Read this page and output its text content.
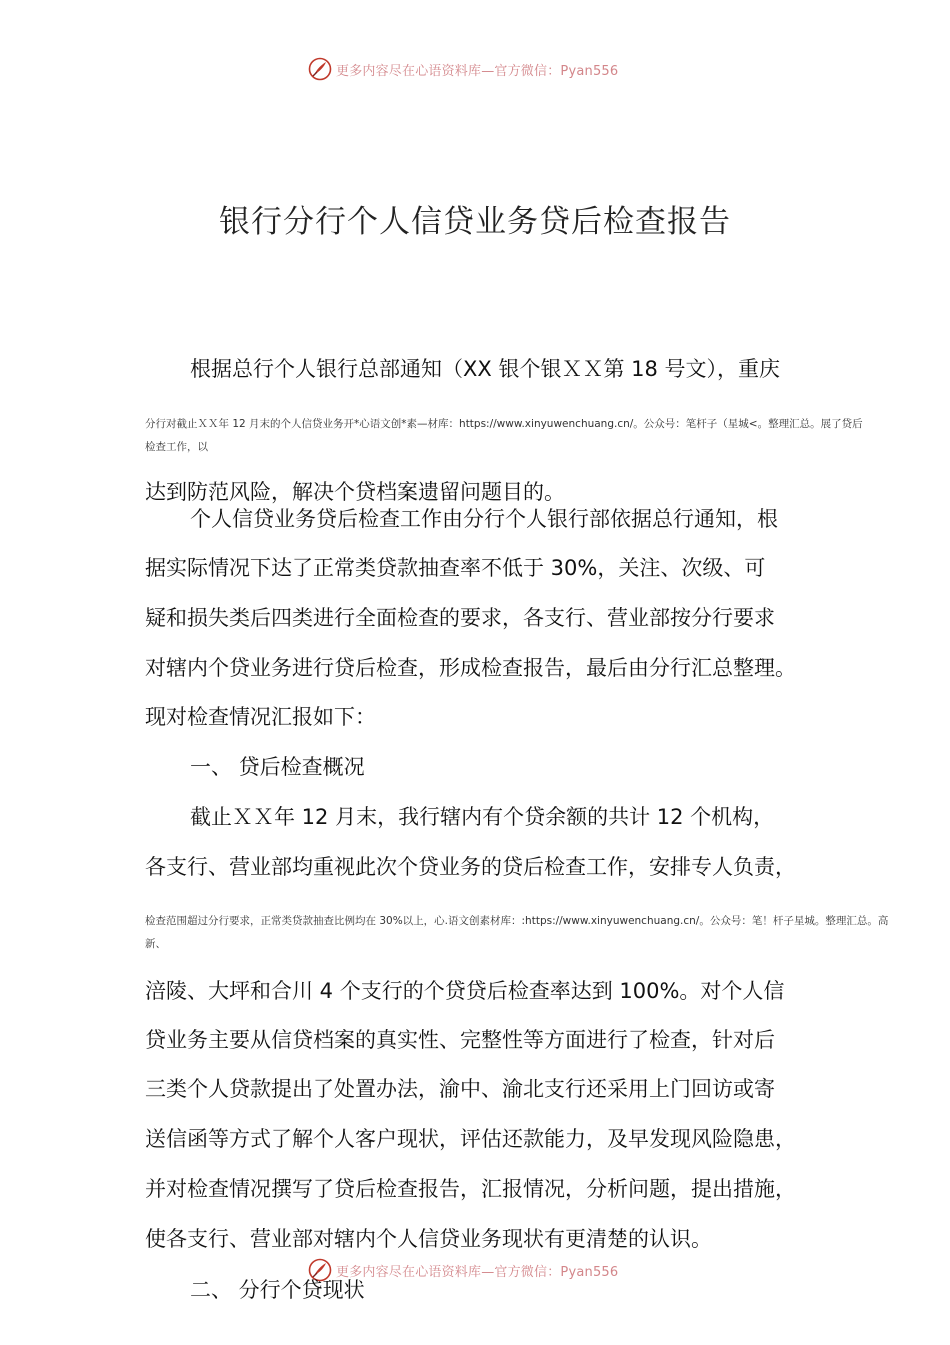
更多内容尽在心语资料库—官方微信：Pyan556
银行分行个人信贷业务贷后检查报告
根据总行个人银行总部通知（XX 银个银ＸＸ第 18 号文），重庆
分行对截止ＸＸ年 12 月末的个人信贷业务开*心语文创*素—材库：https://www.xinyuwenchuang.cn/。公众号：笔杆子（星城<。整理汇总。展了贷后
检查工作，以
达到防范风险，解决个贷档案遗留问题目的。
个人信贷业务贷后检查工作由分行个人银行部依据总行通知，根
据实际情况下达了正常类贷款抽查率不低于 30%，关注、次级、可
疑和损失类后四类进行全面检查的要求，各支行、营业部按分行要求
对辖内个贷业务进行贷后检查，形成检查报告，最后由分行汇总整理。
现对检查情况汇报如下：
一、 贷后检查概况
截止ＸＸ年 12 月末，我行辖内有个贷余额的共计 12 个机构，
各支行、营业部均重视此次个贷业务的贷后检查工作，安排专人负责，
检查范围超过分行要求，正常类贷款抽查比例均在 30%以上，心.语文创素材库：:https://www.xinyuwenchuang.cn/。公众号：笔！杆子星城。整理汇总。高
新、
涪陵、大坪和合川 4 个支行的个贷贷后检查率达到 100%。对个人信
贷业务主要从信贷档案的真实性、完整性等方面进行了检查，针对后
三类个人贷款提出了处置办法，渝中、渝北支行还采用上门回访或寄
送信函等方式了解个人客户现状，评估还款能力，及早发现风险隐患，
并对检查情况撰写了贷后检查报告，汇报情况，分析问题，提出措施，
使各支行、营业部对辖内个人信贷业务现状有更清楚的认识。
更多内容尽在心语资料库—官方微信：Pyan556
二、 分行个贷现状
